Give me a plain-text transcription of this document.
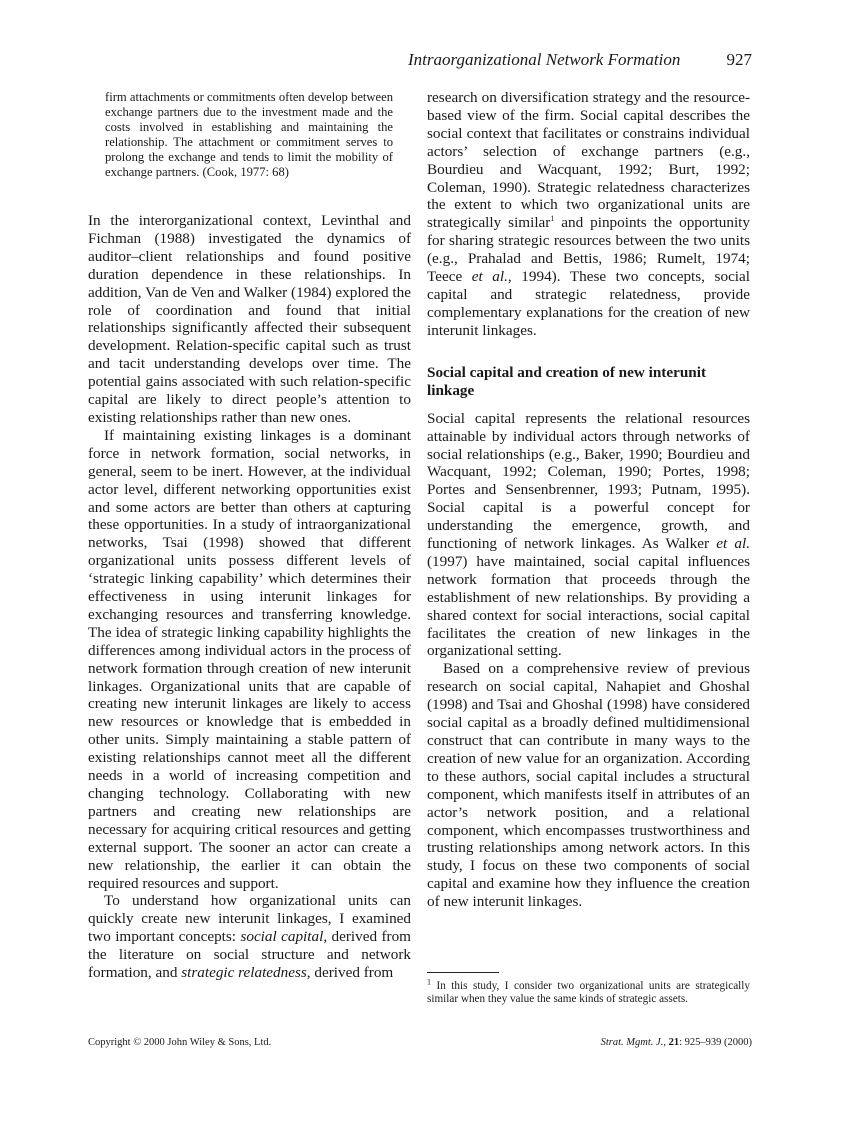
Intraorganizational Network Formation	927
firm attachments or commitments often develop between exchange partners due to the investment made and the costs involved in establishing and maintaining the relationship. The attachment or commitment serves to prolong the exchange and tends to limit the mobility of exchange partners. (Cook, 1977: 68)

In the interorganizational context, Levinthal and Fichman (1988) investigated the dynamics of auditor–client relationships and found positive duration dependence in these relationships. In addition, Van de Ven and Walker (1984) explored the role of coordination and found that initial relationships significantly affected their subsequent development. Relation-specific capital such as trust and tacit understanding develops over time. The potential gains associated with such relation-specific capital are likely to direct people’s attention to existing relationships rather than new ones.

If maintaining existing linkages is a dominant force in network formation, social networks, in general, seem to be inert. However, at the individual actor level, different networking opportunities exist and some actors are better than others at capturing these opportunities. In a study of intraorganizational networks, Tsai (1998) showed that different organizational units possess different levels of ‘strategic linking capability’ which determines their effectiveness in using interunit linkages for exchanging resources and transferring knowledge. The idea of strategic linking capability highlights the differences among individual actors in the process of network formation through creation of new interunit linkages. Organizational units that are capable of creating new interunit linkages are likely to access new resources or knowledge that is embedded in other units. Simply maintaining a stable pattern of existing relationships cannot meet all the different needs in a world of increasing competition and changing technology. Collaborating with new partners and creating new relationships are necessary for acquiring critical resources and getting external support. The sooner an actor can create a new relationship, the earlier it can obtain the required resources and support.

To understand how organizational units can quickly create new interunit linkages, I examined two important concepts: social capital, derived from the literature on social structure and network formation, and strategic relatedness, derived from

research on diversification strategy and the resource-based view of the firm. Social capital describes the social context that facilitates or constrains individual actors’ selection of exchange partners (e.g., Bourdieu and Wacquant, 1992; Burt, 1992; Coleman, 1990). Strategic relatedness characterizes the extent to which two organizational units are strategically similar$^1$ and pinpoints the opportunity for sharing strategic resources between the two units (e.g., Prahalad and Bettis, 1986; Rumelt, 1974; Teece et al., 1994). These two concepts, social capital and strategic relatedness, provide complementary explanations for the creation of new interunit linkages.

Social capital and creation of new interunit linkage

Social capital represents the relational resources attainable by individual actors through networks of social relationships (e.g., Baker, 1990; Bourdieu and Wacquant, 1992; Coleman, 1990; Portes, 1998; Portes and Sensenbrenner, 1993; Putnam, 1995). Social capital is a powerful concept for understanding the emergence, growth, and functioning of network linkages. As Walker et al. (1997) have maintained, social capital influences network formation that proceeds through the establishment of new relationships. By providing a shared context for social interactions, social capital facilitates the creation of new linkages in the organizational setting.

Based on a comprehensive review of previous research on social capital, Nahapiet and Ghoshal (1998) and Tsai and Ghoshal (1998) have considered social capital as a broadly defined multidimensional construct that can contribute in many ways to the creation of new value for an organization. According to these authors, social capital includes a structural component, which manifests itself in attributes of an actor’s network position, and a relational component, which encompasses trustworthiness and trusting relationships among network actors. In this study, I focus on these two components of social capital and examine how they influence the creation of new interunit linkages.

$^1$ In this study, I consider two organizational units are strategically similar when they value the same kinds of strategic assets.
Copyright © 2000 John Wiley & Sons, Ltd.	Strat. Mgmt. J., 21: 925–939 (2000)
